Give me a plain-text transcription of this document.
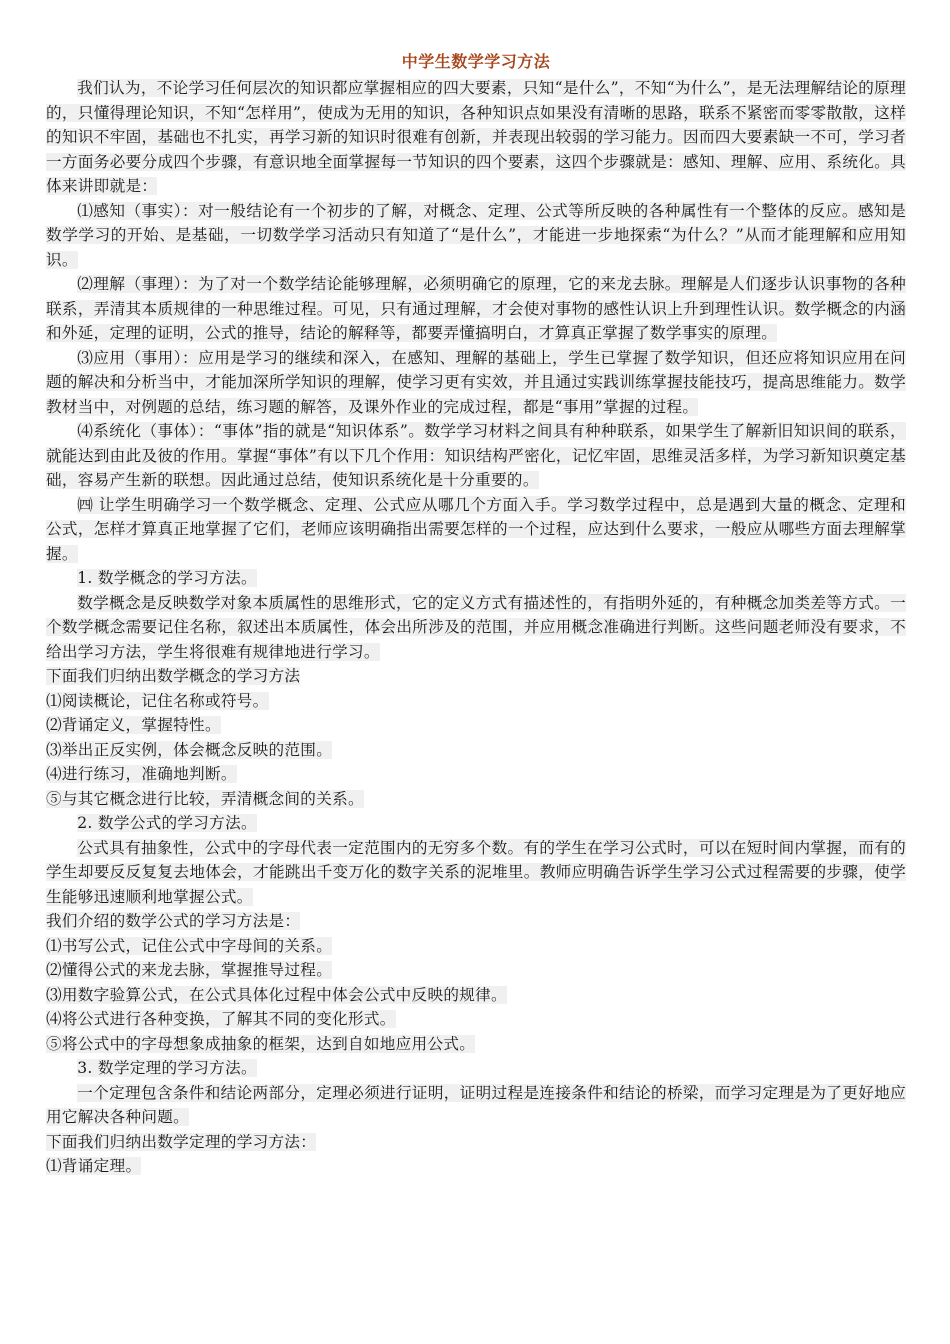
中学生数学学习方法

我们认为，不论学习任何层次的知识都应掌握相应的四大要素，只知“是什么”，不知“为什么”，是无法理解结论的原理的，只懂得理论知识，不知“怎样用”，使成为无用的知识，各种知识点如果没有清晰的思路，联系不紧密而零零散散，这样的知识不牢固，基础也不扎实，再学习新的知识时很难有创新，并表现出较弱的学习能力。因而四大要素缺一不可，学习者一方面务必要分成四个步骤，有意识地全面掌握每一节知识的四个要素，这四个步骤就是：感知、理解、应用、系统化。具体来讲即就是：

⑴感知（事实）：对一般结论有一个初步的了解，对概念、定理、公式等所反映的各种属性有一个整体的反应。感知是数学学习的开始、是基础，一切数学学习活动只有知道了“是什么”，才能进一步地探索“为什么？”从而才能理解和应用知识。

⑵理解（事理）：为了对一个数学结论能够理解，必须明确它的原理，它的来龙去脉。理解是人们逐步认识事物的各种联系，弄清其本质规律的一种思维过程。可见，只有通过理解，才会使对事物的感性认识上升到理性认识。数学概念的内涵和外延，定理的证明，公式的推导，结论的解释等，都要弄懂搞明白，才算真正掌握了数学事实的原理。

⑶应用（事用）：应用是学习的继续和深入，在感知、理解的基础上，学生已掌握了数学知识，但还应将知识应用在问题的解决和分析当中，才能加深所学知识的理解，使学习更有实效，并且通过实践训练掌握技能技巧，提高思维能力。数学教材当中，对例题的总结，练习题的解答，及课外作业的完成过程，都是“事用”掌握的过程。

⑷系统化（事体）：“事体”指的就是“知识体系”。数学学习材料之间具有种种联系，如果学生了解新旧知识间的联系，就能达到由此及彼的作用。掌握“事体”有以下几个作用：知识结构严密化，记忆牢固，思维灵活多样，为学习新知识奠定基础，容易产生新的联想。因此通过总结，使知识系统化是十分重要的。

㈣ 让学生明确学习一个数学概念、定理、公式应从哪几个方面入手。学习数学过程中，总是遇到大量的概念、定理和公式，怎样才算真正地掌握了它们，老师应该明确指出需要怎样的一个过程，应达到什么要求，一般应从哪些方面去理解掌握。

1. 数学概念的学习方法。

数学概念是反映数学对象本质属性的思维形式，它的定义方式有描述性的，有指明外延的，有种概念加类差等方式。一个数学概念需要记住名称，叙述出本质属性，体会出所涉及的范围，并应用概念准确进行判断。这些问题老师没有要求，不给出学习方法，学生将很难有规律地进行学习。

下面我们归纳出数学概念的学习方法

⑴阅读概论，记住名称或符号。

⑵背诵定义，掌握特性。

⑶举出正反实例，体会概念反映的范围。

⑷进行练习，准确地判断。

⑤与其它概念进行比较，弄清概念间的关系。

2. 数学公式的学习方法。

公式具有抽象性，公式中的字母代表一定范围内的无穷多个数。有的学生在学习公式时，可以在短时间内掌握，而有的学生却要反反复复去地体会，才能跳出千变万化的数字关系的泥堆里。教师应明确告诉学生学习公式过程需要的步骤，使学生能够迅速顺利地掌握公式。

我们介绍的数学公式的学习方法是：

⑴书写公式，记住公式中字母间的关系。

⑵懂得公式的来龙去脉，掌握推导过程。

⑶用数字验算公式，在公式具体化过程中体会公式中反映的规律。

⑷将公式进行各种变换，了解其不同的变化形式。

⑤将公式中的字母想象成抽象的框架，达到自如地应用公式。

3. 数学定理的学习方法。

一个定理包含条件和结论两部分，定理必须进行证明，证明过程是连接条件和结论的桥梁，而学习定理是为了更好地应用它解决各种问题。

下面我们归纳出数学定理的学习方法：

⑴背诵定理。
